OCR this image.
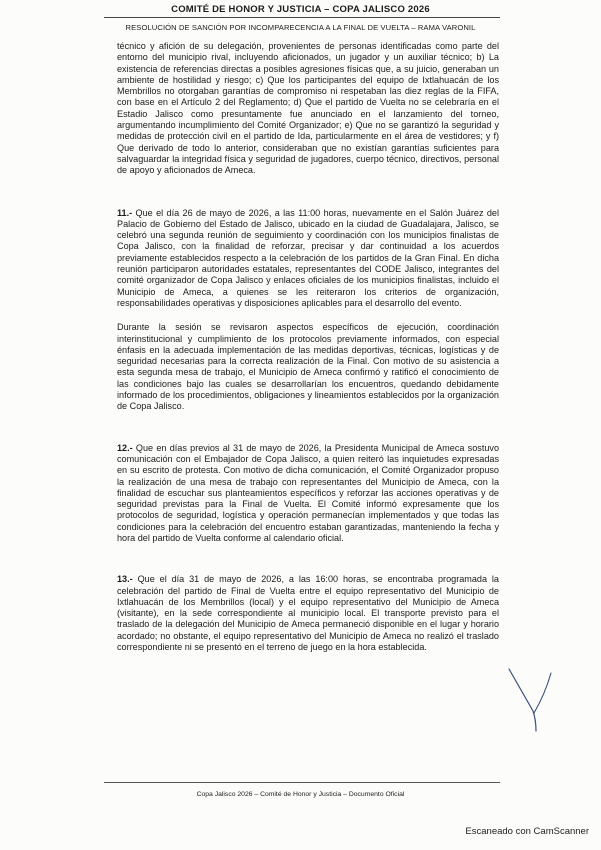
COMITÉ DE HONOR Y JUSTICIA – COPA JALISCO 2026
RESOLUCIÓN DE SANCIÓN POR INCOMPARECENCIA A LA FINAL DE VUELTA – RAMA VARONIL

técnico y afición de su delegación, provenientes de personas identificadas como parte del entorno del municipio rival, incluyendo aficionados, un jugador y un auxiliar técnico; b) La existencia de referencias directas a posibles agresiones físicas que, a su juicio, generaban un ambiente de hostilidad y riesgo; c) Que los participantes del equipo de Ixtlahuacán de los Membrillos no otorgaban garantías de compromiso ni respetaban las diez reglas de la FIFA, con base en el Artículo 2 del Reglamento; d) Que el partido de Vuelta no se celebraría en el Estadio Jalisco como presuntamente fue anunciado en el lanzamiento del torneo, argumentando incumplimiento del Comité Organizador; e) Que no se garantizó la seguridad y medidas de protección civil en el partido de Ida, particularmente en el área de vestidores; y f) Que derivado de todo lo anterior, consideraban que no existían garantías suficientes para salvaguardar la integridad física y seguridad de jugadores, cuerpo técnico, directivos, personal de apoyo y aficionados de Ameca.

11.- Que el día 26 de mayo de 2026, a las 11:00 horas, nuevamente en el Salón Juárez del Palacio de Gobierno del Estado de Jalisco, ubicado en la ciudad de Guadalajara, Jalisco, se celebró una segunda reunión de seguimiento y coordinación con los municipios finalistas de Copa Jalisco, con la finalidad de reforzar, precisar y dar continuidad a los acuerdos previamente establecidos respecto a la celebración de los partidos de la Gran Final. En dicha reunión participaron autoridades estatales, representantes del CODE Jalisco, integrantes del comité organizador de Copa Jalisco y enlaces oficiales de los municipios finalistas, incluido el Municipio de Ameca, a quienes se les reiteraron los criterios de organización, responsabilidades operativas y disposiciones aplicables para el desarrollo del evento.

Durante la sesión se revisaron aspectos específicos de ejecución, coordinación interinstitucional y cumplimiento de los protocolos previamente informados, con especial énfasis en la adecuada implementación de las medidas deportivas, técnicas, logísticas y de seguridad necesarias para la correcta realización de la Final. Con motivo de su asistencia a esta segunda mesa de trabajo, el Municipio de Ameca confirmó y ratificó el conocimiento de las condiciones bajo las cuales se desarrollarían los encuentros, quedando debidamente informado de los procedimientos, obligaciones y lineamientos establecidos por la organización de Copa Jalisco.

12.- Que en días previos al 31 de mayo de 2026, la Presidenta Municipal de Ameca sostuvo comunicación con el Embajador de Copa Jalisco, a quien reiteró las inquietudes expresadas en su escrito de protesta. Con motivo de dicha comunicación, el Comité Organizador propuso la realización de una mesa de trabajo con representantes del Municipio de Ameca, con la finalidad de escuchar sus planteamientos específicos y reforzar las acciones operativas y de seguridad previstas para la Final de Vuelta. El Comité informó expresamente que los protocolos de seguridad, logística y operación permanecían implementados y que todas las condiciones para la celebración del encuentro estaban garantizadas, manteniendo la fecha y hora del partido de Vuelta conforme al calendario oficial.

13.- Que el día 31 de mayo de 2026, a las 16:00 horas, se encontraba programada la celebración del partido de Final de Vuelta entre el equipo representativo del Municipio de Ixtlahuacán de los Membrillos (local) y el equipo representativo del Municipio de Ameca (visitante), en la sede correspondiente al municipio local. El transporte previsto para el traslado de la delegación del Municipio de Ameca permaneció disponible en el lugar y horario acordado; no obstante, el equipo representativo del Municipio de Ameca no realizó el traslado correspondiente ni se presentó en el terreno de juego en la hora establecida.

Copa Jalisco 2026 – Comité de Honor y Justicia – Documento Oficial
Escaneado con CamScanner
